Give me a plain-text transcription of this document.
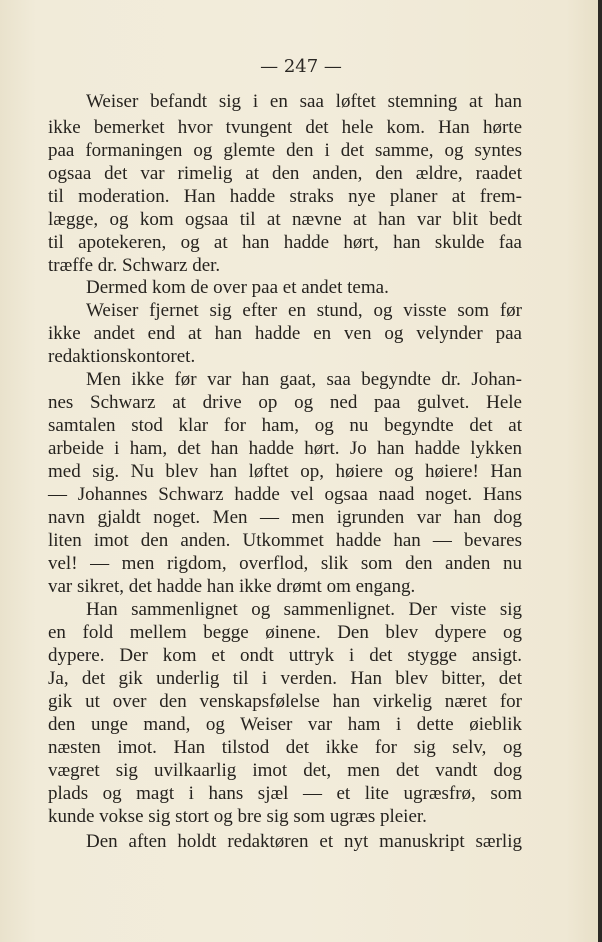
— 247 —
Weiser befandt sig i en saa løftet stemning at han
ikke bemerket hvor tvungent det hele kom. Han hørte
paa formaningen og glemte den i det samme, og syntes
ogsaa det var rimelig at den anden, den ældre, raadet
til moderation. Han hadde straks nye planer at frem-
lægge, og kom ogsaa til at nævne at han var blit bedt
til apotekeren, og at han hadde hørt, han skulde faa
træffe dr. Schwarz der.
Dermed kom de over paa et andet tema.
Weiser fjernet sig efter en stund, og visste som før
ikke andet end at han hadde en ven og velynder paa
redaktionskontoret.
Men ikke før var han gaat, saa begyndte dr. Johan-
nes Schwarz at drive op og ned paa gulvet. Hele
samtalen stod klar for ham, og nu begyndte det at
arbeide i ham, det han hadde hørt. Jo han hadde lykken
med sig. Nu blev han løftet op, høiere og høiere! Han
— Johannes Schwarz hadde vel ogsaa naad noget. Hans
navn gjaldt noget. Men — men igrunden var han dog
liten imot den anden. Utkommet hadde han — bevares
vel! — men rigdom, overflod, slik som den anden nu
var sikret, det hadde han ikke drømt om engang.
Han sammenlignet og sammenlignet. Der viste sig
en fold mellem begge øinene. Den blev dypere og
dypere. Der kom et ondt uttryk i det stygge ansigt.
Ja, det gik underlig til i verden. Han blev bitter, det
gik ut over den venskapsfølelse han virkelig næret for
den unge mand, og Weiser var ham i dette øieblik
næsten imot. Han tilstod det ikke for sig selv, og
vægret sig uvilkaarlig imot det, men det vandt dog
plads og magt i hans sjæl — et lite ugræsfrø, som
kunde vokse sig stort og bre sig som ugræs pleier.
Den aften holdt redaktøren et nyt manuskript særlig
